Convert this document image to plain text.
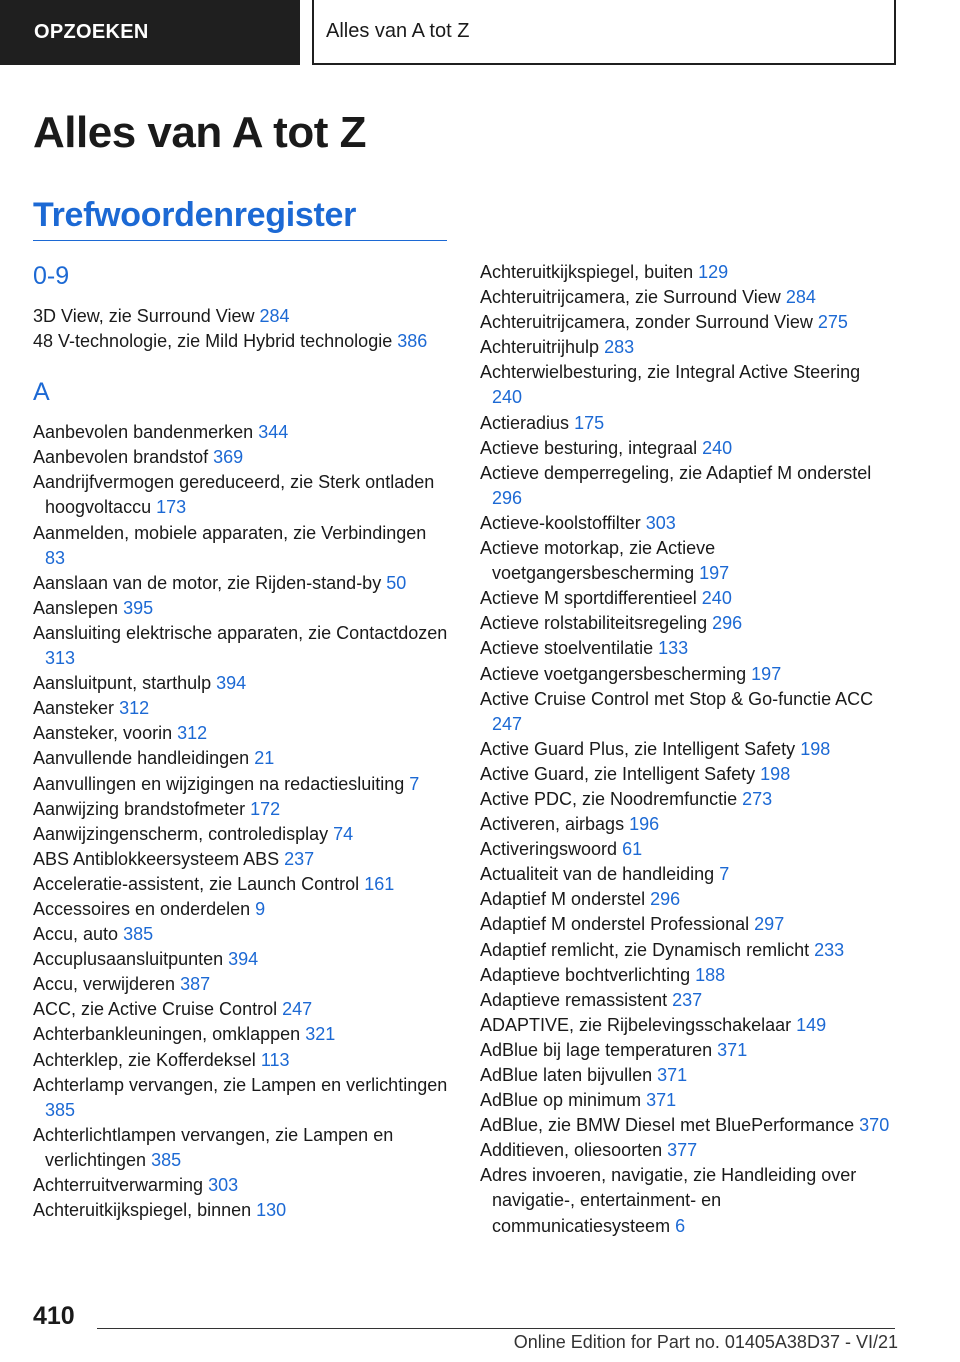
OPZOEKEN	Alles van A tot Z
Alles van A tot Z
Trefwoordenregister
0-9

3D View, zie Surround View 284

48 V-technologie, zie Mild Hybrid technologie 386

A

Aanbevolen bandenmerken 344

Aanbevolen brandstof 369

Aandrijfvermogen gereduceerd, zie Sterk ontladen hoogvoltaccu 173

Aanmelden, mobiele apparaten, zie Verbindingen 83

Aanslaan van de motor, zie Rijden-stand-by 50

Aanslepen 395

Aansluiting elektrische apparaten, zie Contactdozen 313

Aansluitpunt, starthulp 394

Aansteker 312

Aansteker, voorin 312

Aanvullende handleidingen 21

Aanvullingen en wijzigingen na redactiesluiting 7

Aanwijzing brandstofmeter 172

Aanwijzingenscherm, controledisplay 74

ABS Antiblokkeersysteem ABS 237

Acceleratie-assistent, zie Launch Control 161

Accessoires en onderdelen 9

Accu, auto 385

Accuplusaansluitpunten 394

Accu, verwijderen 387

ACC, zie Active Cruise Control 247

Achterbankleuningen, omklappen 321

Achterklep, zie Kofferdeksel 113

Achterlamp vervangen, zie Lampen en verlichtingen 385

Achterlichtlampen vervangen, zie Lampen en verlichtingen 385

Achterruitverwarming 303

Achteruitkijkspiegel, binnen 130

Achteruitkijkspiegel, buiten 129

Achteruitrijcamera, zie Surround View 284

Achteruitrijcamera, zonder Surround View 275

Achteruitrijhulp 283

Achterwielbesturing, zie Integral Active Steering 240

Actieradius 175

Actieve besturing, integraal 240

Actieve demperregeling, zie Adaptief M onderstel 296

Actieve-koolstoffilter 303

Actieve motorkap, zie Actieve voetgangersbescherming 197

Actieve M sportdifferentieel 240

Actieve rolstabiliteitsregeling 296

Actieve stoelventilatie 133

Actieve voetgangersbescherming 197

Active Cruise Control met Stop & Go-functie ACC 247

Active Guard Plus, zie Intelligent Safety 198

Active Guard, zie Intelligent Safety 198

Active PDC, zie Noodremfunctie 273

Activeren, airbags 196

Activeringswoord 61

Actualiteit van de handleiding 7

Adaptief M onderstel 296

Adaptief M onderstel Professional 297

Adaptief remlicht, zie Dynamisch remlicht 233

Adaptieve bochtverlichting 188

Adaptieve remassistent 237

ADAPTIVE, zie Rijbelevingsschakelaar 149

AdBlue bij lage temperaturen 371

AdBlue laten bijvullen 371

AdBlue op minimum 371

AdBlue, zie BMW Diesel met BluePerformance 370

Additieven, oliesoorten 377

Adres invoeren, navigatie, zie Handleiding over navigatie-, entertainment- en communicatiesysteem 6

410
Online Edition for Part no. 01405A38D37 - VI/21
